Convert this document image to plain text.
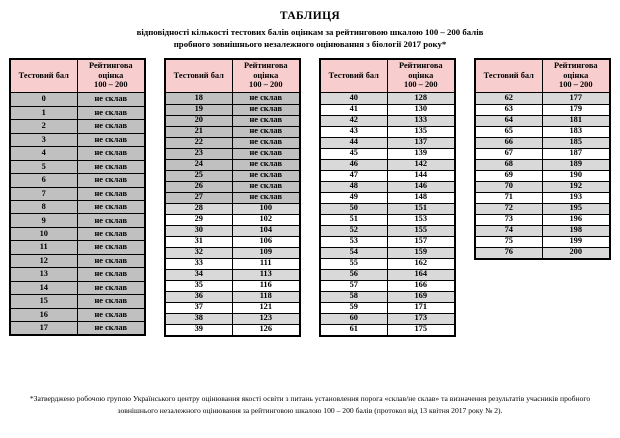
ТАБЛИЦЯ
відповідності кількості тестових балів оцінкам за рейтинговою шкалою 100 – 200 балів
пробного зовнішнього незалежного оцінювання з біології 2017 року*
Тестовий бал
Рейтингова
оцінка
100 – 200
0	не склав
1	не склав
2	не склав
3	не склав
4	не склав
5	не склав
6	не склав
7	не склав
8	не склав
9	не склав
10	не склав
11	не склав
12	не склав
13	не склав
14	не склав
15	не склав
16	не склав
17	не склав
Тестовий бал
Рейтингова
оцінка
100 – 200
18	не склав
19	не склав
20	не склав
21	не склав
22	не склав
23	не склав
24	не склав
25	не склав
26	не склав
27	не склав
28	100
29	102
30	104
31	106
32	109
33	111
34	113
35	116
36	118
37	121
38	123
39	126
Тестовий бал
Рейтингова
оцінка
100 – 200
40	128
41	130
42	133
43	135
44	137
45	139
46	142
47	144
48	146
49	148
50	151
51	153
52	155
53	157
54	159
55	162
56	164
57	166
58	169
59	171
60	173
61	175
Тестовий бал
Рейтингова
оцінка
100 – 200
62	177
63	179
64	181
65	183
66	185
67	187
68	189
69	190
70	192
71	193
72	195
73	196
74	198
75	199
76	200
*Затверджено робочою групою Українського центру оцінювання якості освіти з питань установлення порога «склав/не склав» та визначення результатів учасників пробного зовнішнього незалежного оцінювання за рейтинговою шкалою 100 – 200 балів (протокол від 13 квітня 2017 року № 2).
